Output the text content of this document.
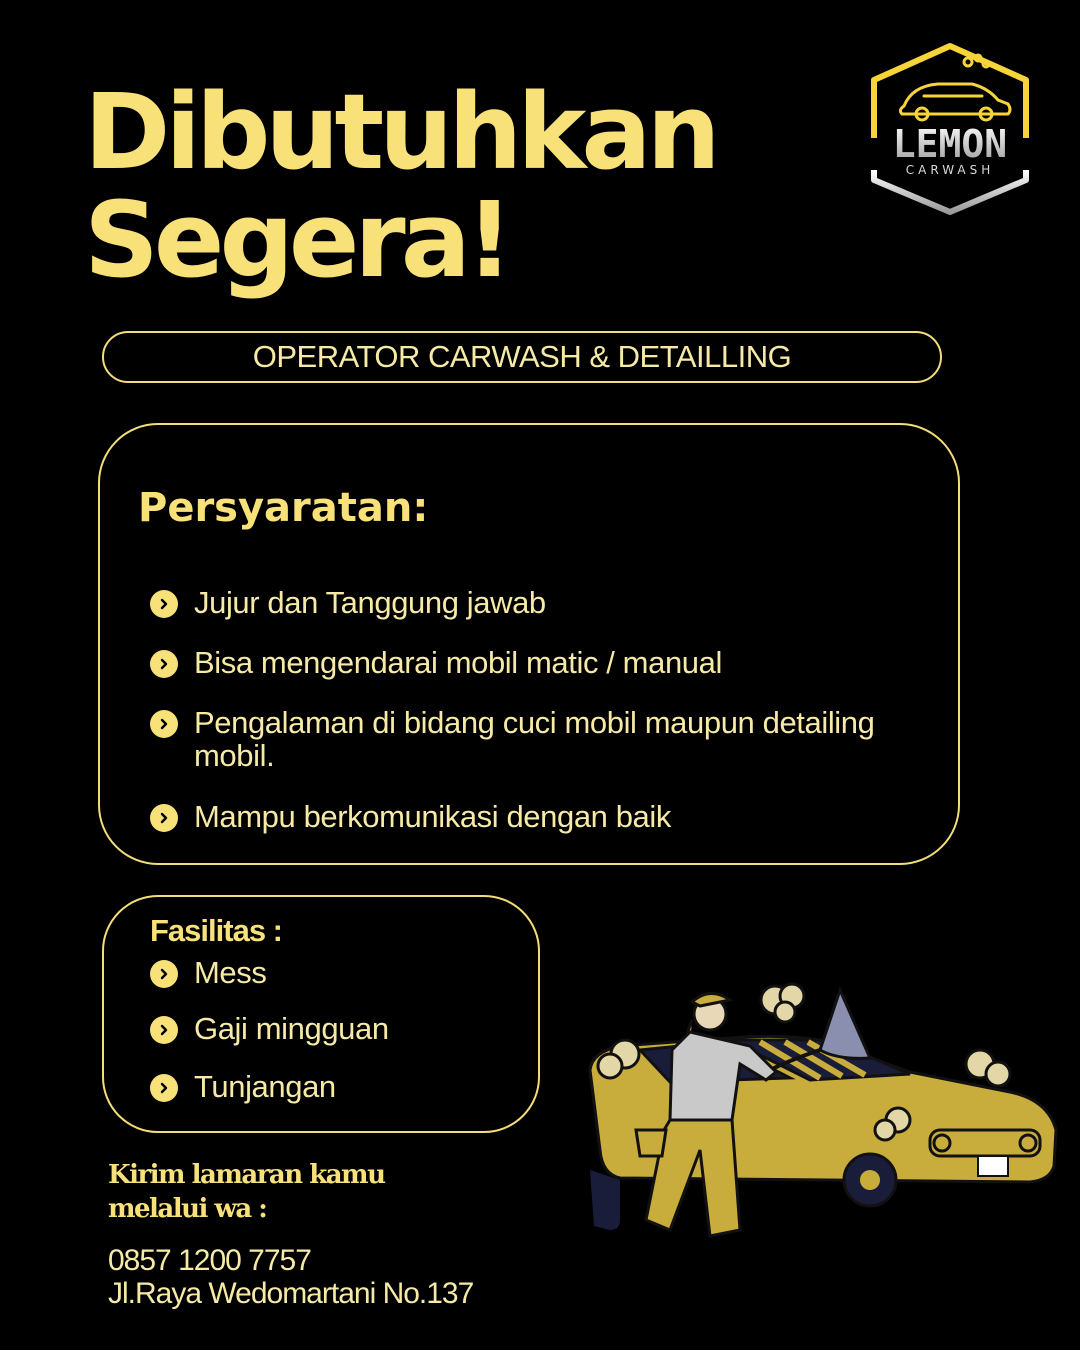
Dibutuhkan
Segera!
LEMON
CARWASH
OPERATOR CARWASH & DETAILLING
Persyaratan:
Jujur dan Tanggung jawab
Bisa mengendarai mobil matic / manual
Pengalaman di bidang cuci mobil maupun detailing mobil.
Mampu berkomunikasi dengan baik
Fasilitas :
Mess
Gaji mingguan
Tunjangan

Kirim lamaran kamu
melalui wa :

0857 1200 7757

Jl.Raya Wedomartani No.137
